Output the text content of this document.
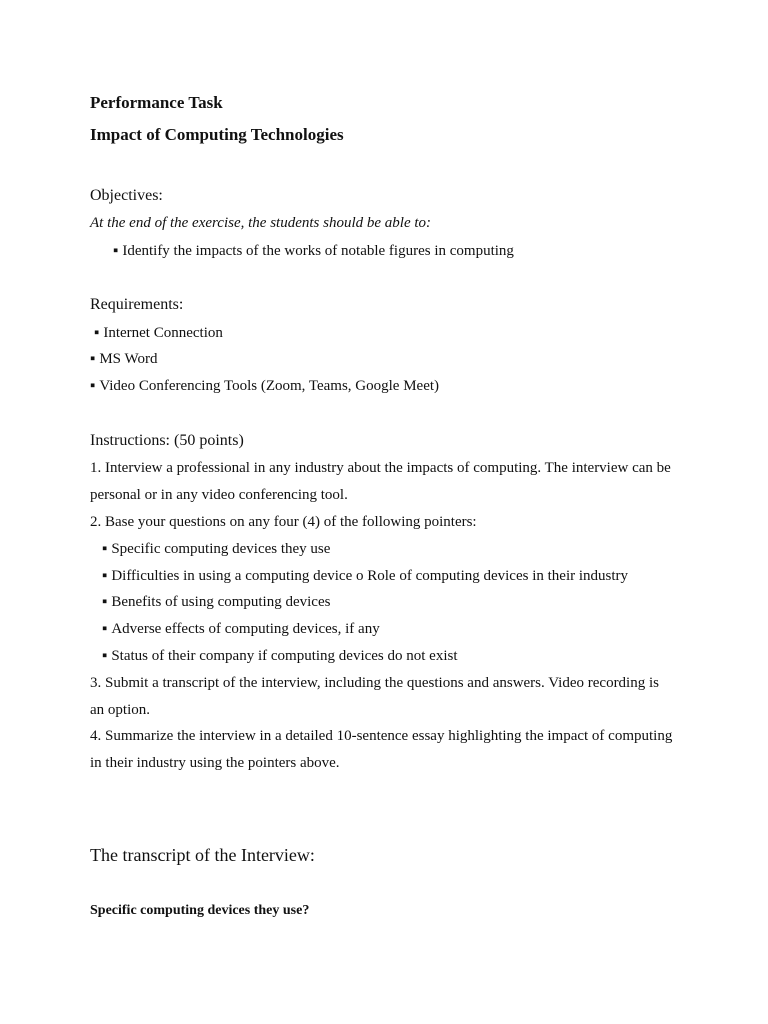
Performance Task
Impact of Computing Technologies
Objectives:
At the end of the exercise, the students should be able to:
▪ Identify the impacts of the works of notable figures in computing
Requirements:
▪ Internet Connection
▪ MS Word
▪ Video Conferencing Tools (Zoom, Teams, Google Meet)
Instructions: (50 points)
1. Interview a professional in any industry about the impacts of computing. The interview can be
personal or in any video conferencing tool.
2. Base your questions on any four (4) of the following pointers:
▪ Specific computing devices they use
▪ Difficulties in using a computing device o Role of computing devices in their industry
▪ Benefits of using computing devices
▪ Adverse effects of computing devices, if any
▪ Status of their company if computing devices do not exist
3. Submit a transcript of the interview, including the questions and answers. Video recording is
an option.
4. Summarize the interview in a detailed 10-sentence essay highlighting the impact of computing
in their industry using the pointers above.
The transcript of the Interview:
Specific computing devices they use?
